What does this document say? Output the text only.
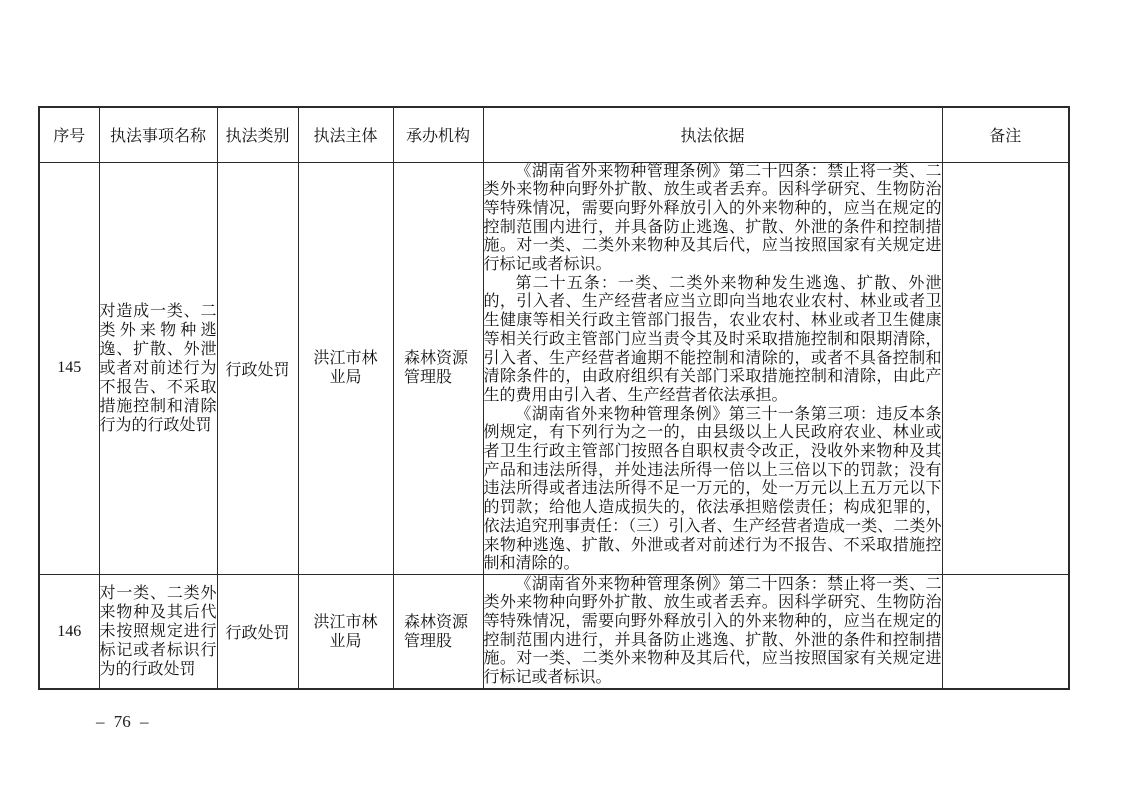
序号	执法事项名称	执法类别	执法主体	承办机构	执法依据	备注
145	对造成一类、二类外来物种逃逸、扩散、外泄或者对前述行为不报告、不采取措施控制和清除行为的行政处罚	行政处罚	洪江市林业局	森林资源管理股	《湖南省外来物种管理条例》第二十四条：禁止将一类、二类外来物种向野外扩散、放生或者丢弃。因科学研究、生物防治等特殊情况，需要向野外释放引入的外来物种的，应当在规定的控制范围内进行，并具备防止逃逸、扩散、外泄的条件和控制措施。对一类、二类外来物种及其后代，应当按照国家有关规定进行标记或者标识。

第二十五条：一类、二类外来物种发生逃逸、扩散、外泄的，引入者、生产经营者应当立即向当地农业农村、林业或者卫生健康等相关行政主管部门报告，农业农村、林业或者卫生健康等相关行政主管部门应当责令其及时采取措施控制和限期清除，引入者、生产经营者逾期不能控制和清除的，或者不具备控制和清除条件的，由政府组织有关部门采取措施控制和清除，由此产生的费用由引入者、生产经营者依法承担。

《湖南省外来物种管理条例》第三十一条第三项：违反本条例规定，有下列行为之一的，由县级以上人民政府农业、林业或者卫生行政主管部门按照各自职权责令改正，没收外来物种及其产品和违法所得，并处违法所得一倍以上三倍以下的罚款；没有违法所得或者违法所得不足一万元的，处一万元以上五万元以下的罚款；给他人造成损失的，依法承担赔偿责任；构成犯罪的，依法追究刑事责任：（三）引入者、生产经营者造成一类、二类外来物种逃逸、扩散、外泄或者对前述行为不报告、不采取措施控制和清除的。	

146	对一类、二类外来物种及其后代未按照规定进行标记或者标识行为的行政处罚	行政处罚	洪江市林业局	森林资源管理股	《湖南省外来物种管理条例》第二十四条：禁止将一类、二类外来物种向野外扩散、放生或者丢弃。因科学研究、生物防治等特殊情况，需要向野外释放引入的外来物种的，应当在规定的控制范围内进行，并具备防止逃逸、扩散、外泄的条件和控制措施。对一类、二类外来物种及其后代，应当按照国家有关规定进行标记或者标识。	

– 76 –
